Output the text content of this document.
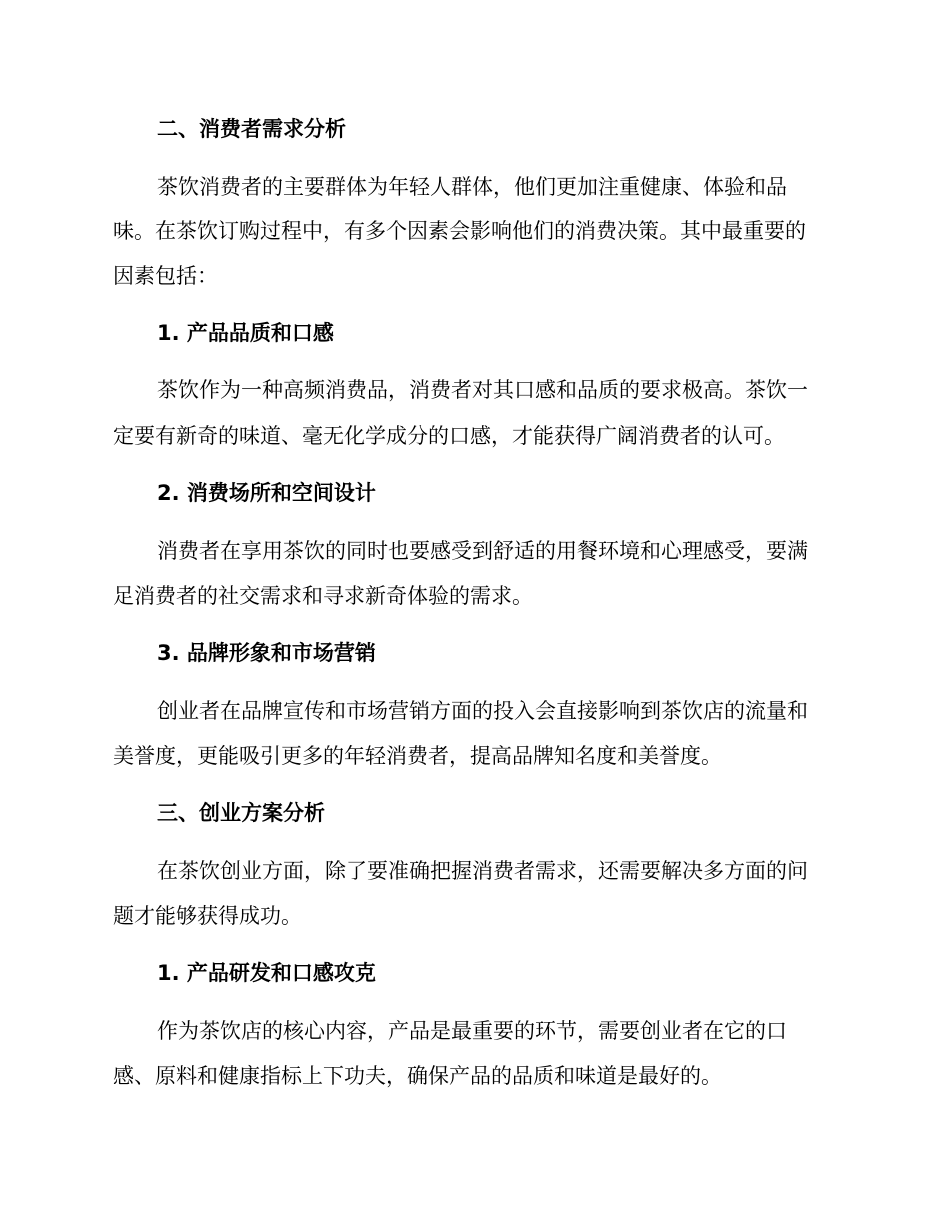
二、消费者需求分析

茶饮消费者的主要群体为年轻人群体，他们更加注重健康、体验和品

味。在茶饮订购过程中，有多个因素会影响他们的消费决策。其中最重要的

因素包括：

1. 产品品质和口感

茶饮作为一种高频消费品，消费者对其口感和品质的要求极高。茶饮一

定要有新奇的味道、毫无化学成分的口感，才能获得广阔消费者的认可。

2. 消费场所和空间设计

消费者在享用茶饮的同时也要感受到舒适的用餐环境和心理感受，要满

足消费者的社交需求和寻求新奇体验的需求。

3. 品牌形象和市场营销

创业者在品牌宣传和市场营销方面的投入会直接影响到茶饮店的流量和

美誉度，更能吸引更多的年轻消费者，提高品牌知名度和美誉度。

三、创业方案分析

在茶饮创业方面，除了要准确把握消费者需求，还需要解决多方面的问

题才能够获得成功。

1. 产品研发和口感攻克

作为茶饮店的核心内容，产品是最重要的环节，需要创业者在它的口

感、原料和健康指标上下功夫，确保产品的品质和味道是最好的。
